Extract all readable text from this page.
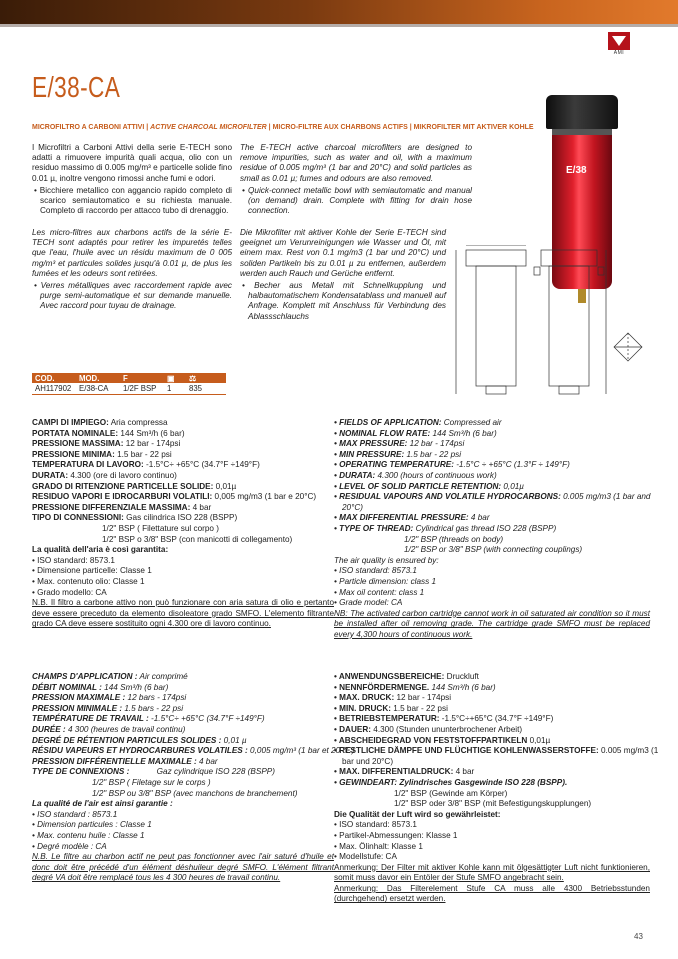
AMI
E/38-CA
MICROFILTRO A CARBONI ATTIVI | ACTIVE CHARCOAL MICROFILTER | MICRO-FILTRE AUX CHARBONS ACTIFS | MIKROFILTER MIT AKTIVER KOHLE

I Microfiltri a Carboni Attivi della serie E-TECH sono adatti a rimuovere impurità quali acqua, olio con un residuo massimo di 0.005 mg/m³ e particelle solide fino 0.01 µ, inoltre vengono rimossi anche fumi e odori.

• Bicchiere metallico con aggancio rapido completo di scarico semiautomatico e su richiesta manuale. Completo di raccordo per attacco tubo di drenaggio.

The E-TECH active charcoal microfilters are designed to remove impurities, such as water and oil, with a maximum residue of 0.005 mg/m³ (1 bar and 20°C) and solid particles as small as 0.01 µ; fumes and odours are also removed.

• Quick-connect metallic bowl with semiautomatic and manual (on demand) drain. Complete with fitting for drain hose connection.

Les micro-filtres aux charbons actifs de la série E-TECH sont adaptés pour retirer les impuretés telles que l'eau, l'huile avec un résidu maximum de 0 005 mg/m³ et particules solides jusqu'à 0.01 µ, de plus les fumées et les odeurs sont retirées.

• Verres métalliques avec raccordement rapide avec purge semi-automatique et sur demande manuelle. Avec raccord pour tuyau de drainage.

Die Mikrofilter mit aktiver Kohle der Serie E-TECH sind geeignet um Verunreinigungen wie Wasser und Öl, mit einem max. Rest von 0.1 mg/m3 (1 bar und 20°C) und soliden Partikeln bis zu 0.01 µ zu entfernen, außerdem werden auch Rauch und Gerüche entfernt.

• Becher aus Metall mit Schnellkupplung und halbautomatischem Kondensatablass und manuell auf Anfrage. Komplett mit Anschluss für Verbindung des Ablassschlauchs

E/38
COD.	MOD.	F	▣	⚖
AH117902	E/38-CA	1/2F BSP	1	835
CAMPI DI IMPIEGO: Aria compressa
PORTATA NOMINALE: 144 Sm³/h (6 bar)
PRESSIONE MASSIMA: 12 bar - 174psi
PRESSIONE MINIMA: 1.5 bar - 22 psi
TEMPERATURA DI LAVORO: -1.5°C÷ +65°C (34.7°F ÷149°F)
DURATA: 4.300 (ore di lavoro continuo)
GRADO DI RITENZIONE PARTICELLE SOLIDE: 0,01µ
RESIDUO VAPORI E IDROCARBURI VOLATILI: 0,005 mg/m3 (1 bar e 20°C)
PRESSIONE DIFFERENZIALE MASSIMA: 4 bar
TIPO DI CONNESSIONI: Gas cilindrica ISO 228 (BSPP)
1/2" BSP ( Filettature sul corpo )
1/2" BSP o 3/8" BSP (con manicotti di collegamento)
La qualità dell'aria è così garantita:
• ISO standard: 8573.1
• Dimensione particelle: Classe 1
• Max. contenuto olio: Classe 1
• Grado modello: CA
N.B. Il filtro a carbone attivo non può funzionare con aria satura di olio e pertanto deve essere preceduto da elemento disoleatore grado SMFO. L'elemento filtrante grado CA deve essere sostituito ogni 4.300 ore di lavoro continuo.
• FIELDS OF APPLICATION: Compressed air
• NOMINAL FLOW RATE: 144 Sm³/h (6 bar)
• MAX PRESSURE: 12 bar - 174psi
• MIN PRESSURE: 1.5 bar - 22 psi
• OPERATING TEMPERATURE: -1.5°C ÷ +65°C (1.3°F ÷ 149°F)
• DURATA: 4.300 (hours of continuous work)
• LEVEL OF SOLID PARTICLE RETENTION: 0,01µ
• RESIDUAL VAPOURS AND VOLATILE HYDROCARBONS: 0.005 mg/m3 (1 bar and
20°C)
• MAX DIFFERENTIAL PRESSURE: 4 bar
• TYPE OF THREAD: Cylindrical gas thread ISO 228 (BSPP)
1/2" BSP (threads on body)
1/2" BSP or 3/8" BSP (with connecting couplings)
The air quality is ensured by:
• ISO standard: 8573.1
• Particle dimension: class 1
• Max oil content: class 1
• Grade model: CA
NB: The activated carbon cartridge cannot work in oil saturated air condition so it must be installed after oil removing grade. The cartridge grade SMFO must be replaced every 4,300 hours of continuous work.
CHAMPS D'APPLICATION : Air comprimé
DÉBIT NOMINAL : 144 Sm³/h (6 bar)
PRESSION MAXIMALE : 12 bars - 174psi
PRESSION MINIMALE : 1.5 bars - 22 psi
TEMPÉRATURE DE TRAVAIL : -1.5°C÷ +65°C (34.7°F ÷149°F)
DURÉE : 4 300 (heures de travail continu)
DEGRÉ DE RÉTENTION PARTICULES SOLIDES : 0,01 µ
RÉSIDU VAPEURS ET HYDROCARBURES VOLATILES : 0,005 mg/m³ (1 bar et 20 °C)
PRESSION DIFFÉRENTIELLE MAXIMALE : 4 bar
TYPE DE CONNEXIONS :            Gaz cylindrique ISO 228 (BSPP)
1/2" BSP ( Filetage sur le corps )
1/2" BSP ou 3/8" BSP (avec manchons de branchement)
La qualité de l'air est ainsi garantie :
• ISO standard : 8573.1
• Dimension particules : Classe 1
• Max. contenu huile : Classe 1
• Degré modèle : CA
N.B. Le filtre au charbon actif ne peut pas fonctionner avec l'air saturé d'huile et donc doit être précédé d'un élément déshuileur degré SMFO. L'élément filtrant degré VA doit être remplacé tous les 4 300 heures de travail continu.
• ANWENDUNGSBEREICHE: Druckluft
• NENNFÖRDERMENGE. 144 Sm³/h (6 bar)
• MAX. DRUCK: 12 bar - 174psi
• MIN. DRUCK: 1.5 bar - 22 psi
• BETRIEBSTEMPERATUR: -1.5°C÷+65°C (34.7°F ÷149°F)
• DAUER: 4.300 (Stunden ununterbrochener Arbeit)
• ABSCHEIDEGRAD VON FESTSTOFFPARTIKELN 0,01µ
• RESTLICHE DÄMPFE UND FLÜCHTIGE KOHLENWASSERSTOFFE: 0.005 mg/m3 (1
bar und 20°C)
• MAX. DIFFERENTIALDRUCK: 4 bar
• GEWINDEART: Zylindrisches Gasgewinde ISO 228 (BSPP).
1/2" BSP (Gewinde am Körper)
1/2" BSP oder 3/8" BSP (mit Befestigungskupplungen)
Die Qualität der Luft wird so gewährleistet:
• ISO standard: 8573.1
• Partikel-Abmessungen: Klasse 1
• Max. Ölinhalt: Klasse 1
• Modellstufe: CA
Anmerkung: Der Filter mit aktiver Kohle kann mit ölgesättigter Luft nicht funktionieren, somit muss davor ein Entöler der Stufe SMFO angebracht sein.
Anmerkung: Das Filterelement Stufe CA muss alle 4300 Betriebsstunden (durchgehend) ersetzt werden.
43
